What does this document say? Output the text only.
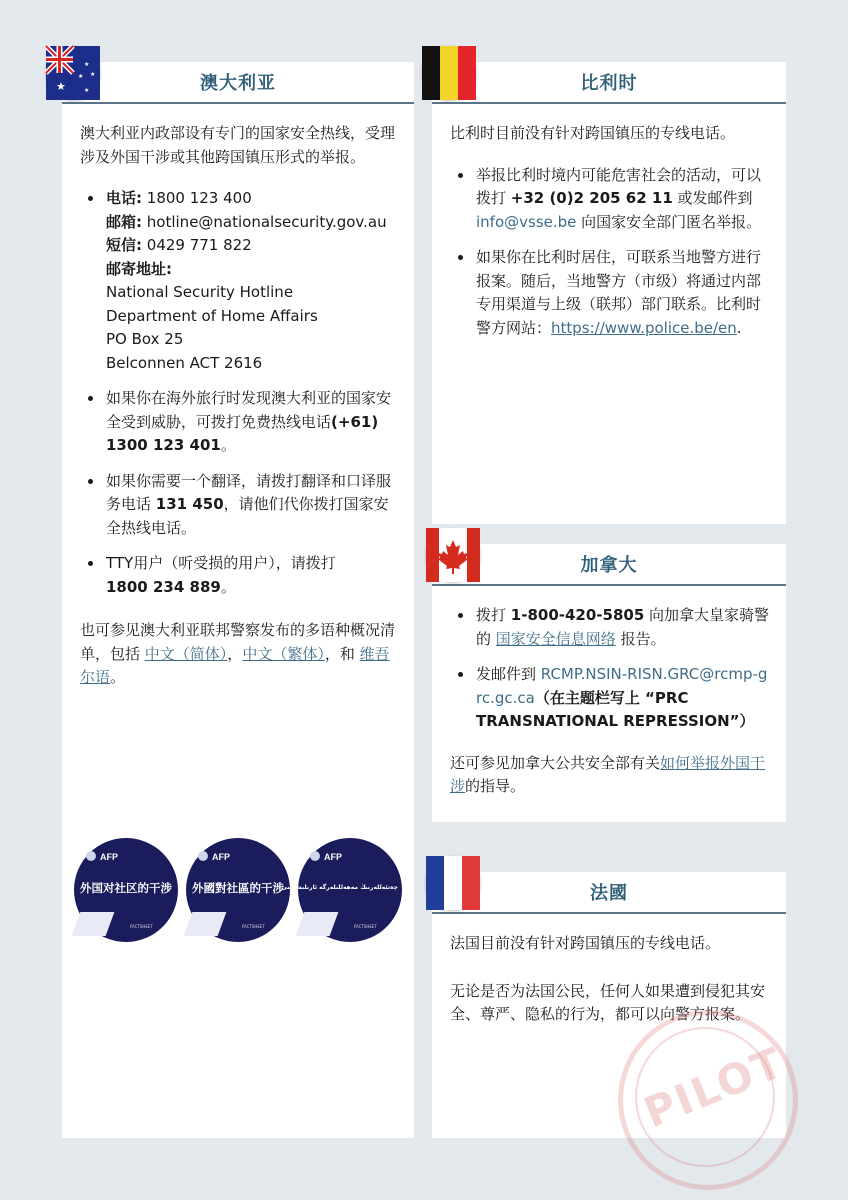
澳大利亚

澳大利亚内政部设有专门的国家安全热线，受理涉及外国干涉或其他跨国镇压形式的举报。

• 电话: 1800 123 400
邮箱: hotline@nationalsecurity.gov.au
短信: 0429 771 822
邮寄地址:
National Security Hotline
Department of Home Affairs
PO Box 25
Belconnen ACT 2616
• 如果你在海外旅行时发现澳大利亚的国家安全受到威胁，可拨打免费热线电话(+61) 1300 123 401。
• 如果你需要一个翻译，请拨打翻译和口译服务电话 131 450，请他们代你拨打国家安全热线电话。
• TTY用户（听受损的用户），请拨打
1800 234 889。

也可参见澳大利亚联邦警察发布的多语种概况清单，包括 中文（简体），中文（繁体），和 维吾尔语。

AFP
外国对社区的干涉
FACTSHEET
AFP
外國對社區的干涉
FACTSHEET
AFP
ﭼەتئەللەرنىڭ مەھەللىلەرگە ئارىلىشىشى
FACTSHEET
★
★
★
★
★	比利时

比利时目前没有针对跨国镇压的专线电话。

• 举报比利时境内可能危害社会的活动，可以拨打 +32 (0)2 205 62 11 或发邮件到 info@vsse.be 向国家安全部门匿名举报。
• 如果你在比利时居住，可联系当地警方进行报案。随后，当地警方（市级）将通过内部专用渠道与上级（联邦）部门联系。比利时警方网站：https://www.police.be/en.
加拿大
• 拨打 1-800-420-5805 向加拿大皇家骑警的 国家安全信息网络 报告。
• 发邮件到 RCMP.NSIN-RISN.GRC@rcmp-grc.gc.ca（在主题栏写上 “PRC TRANSNATIONAL REPRESSION”）

还可参见加拿大公共安全部有关如何举报外国干涉的指导。

法國

法国目前没有针对跨国镇压的专线电话。

无论是否为法国公民，任何人如果遭到侵犯其安全、尊严、隐私的行为，都可以向警方报案。

PILOT
